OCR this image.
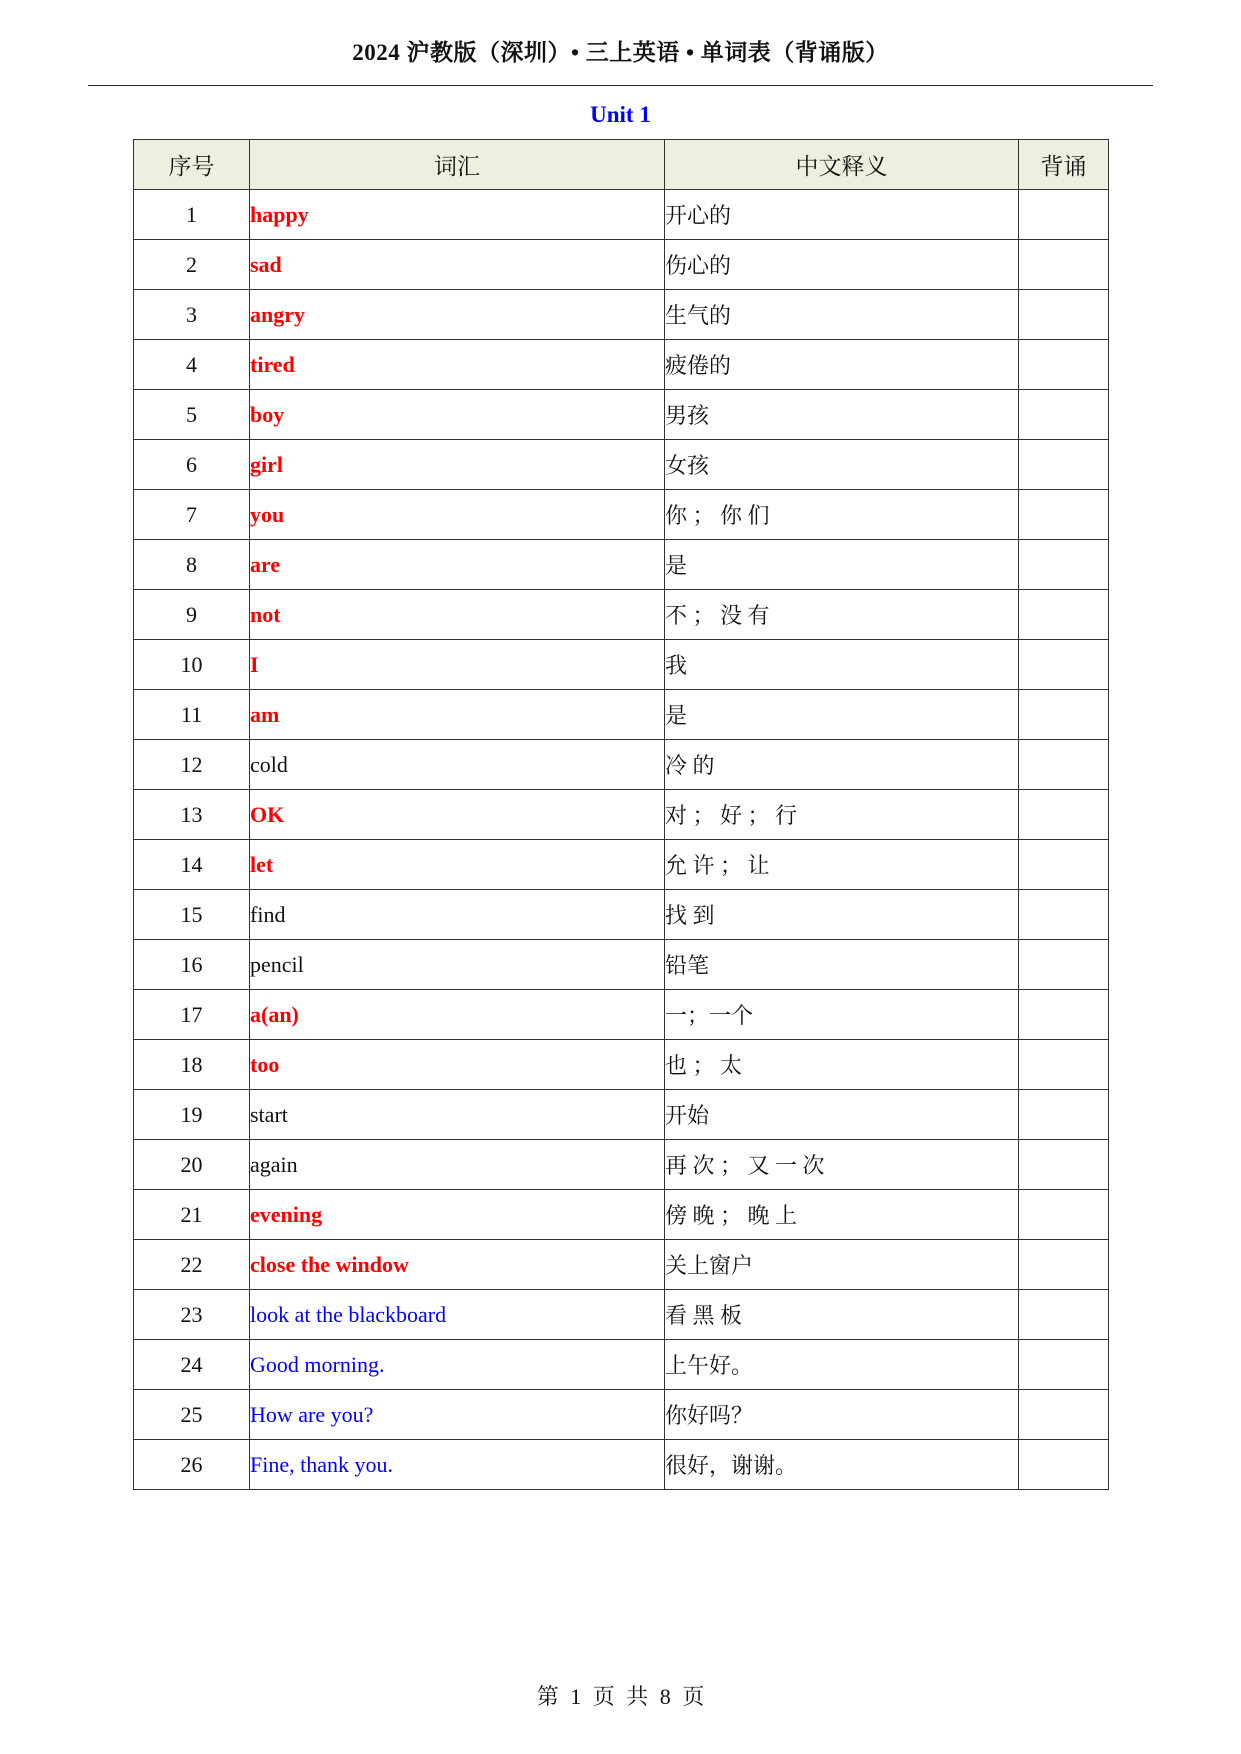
2024 沪教版（深圳）• 三上英语 • 单词表（背诵版）
Unit 1
序号	词汇	中文释义	背诵
1	happy	开心的	
2	sad	伤心的	
3	angry	生气的	
4	tired	疲倦的	
5	boy	男孩	
6	girl	女孩	
7	you	你 ； 你 们	
8	are	是	
9	not	不 ； 没 有	
10	I	我	
11	am	是	
12	cold	冷 的	
13	OK	对 ； 好 ； 行	
14	let	允 许 ； 让	
15	find	找 到	
16	pencil	铅笔	
17	a(an)	一；一个	
18	too	也 ； 太	
19	start	开始	
20	again	再 次 ； 又 一 次	
21	evening	傍 晚 ； 晚 上	
22	close the window	关上窗户	
23	look at the blackboard	看 黑 板	
24	Good morning.	上午好。	
25	How are you?	你好吗？	
26	Fine, thank you.	很好，谢谢。	
第 1 页 共 8 页
